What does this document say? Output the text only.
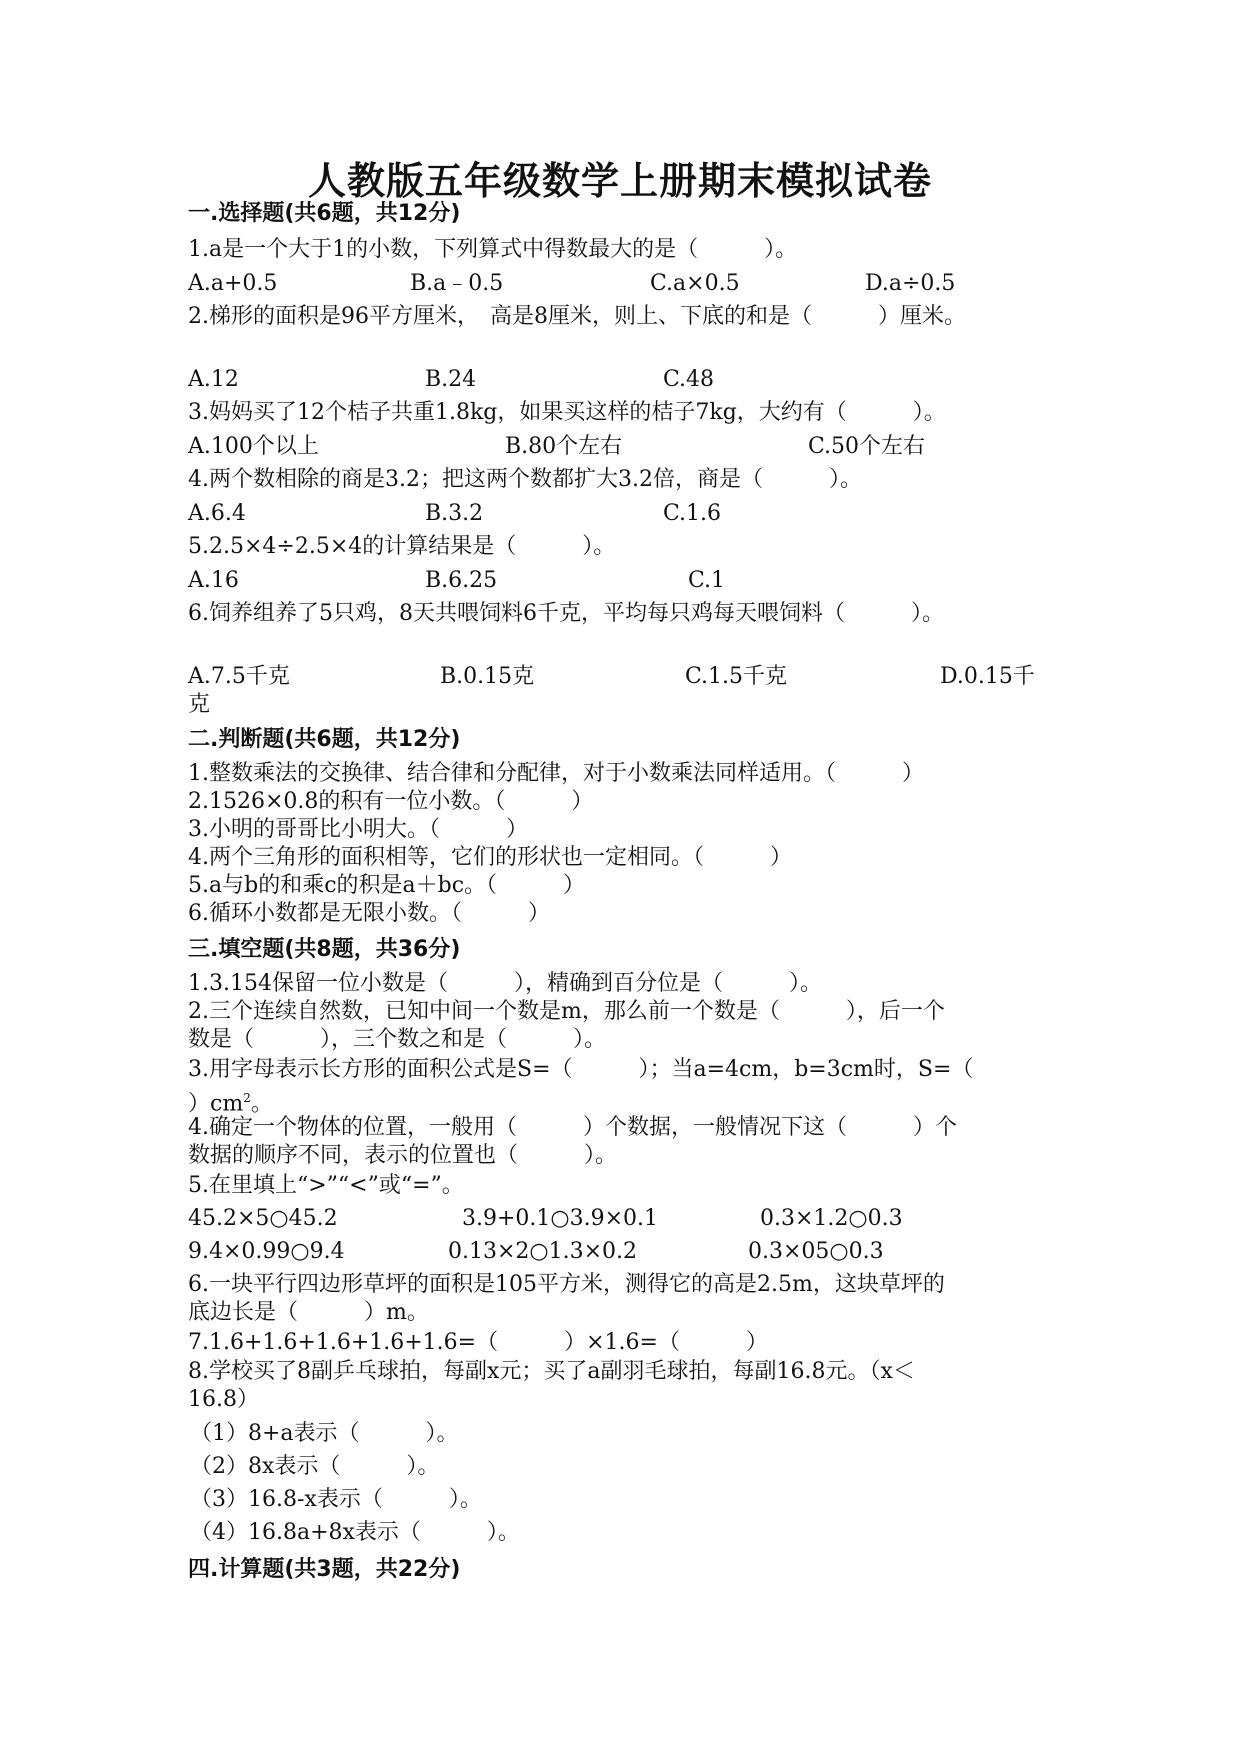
人教版五年级数学上册期末模拟试卷
一.选择题(共6题，共12分)
1.a是一个大于1的小数，下列算式中得数最大的是（　　　）。
A.a+0.5	B.a﹣0.5	C.a×0.5	D.a÷0.5
2.梯形的面积是96平方厘米，　高是8厘米，则上、下底的和是（　　　）厘米。
A.12	B.24	C.48
3.妈妈买了12个桔子共重1.8kg，如果买这样的桔子7kg，大约有（　　　）。
A.100个以上	B.80个左右	C.50个左右
4.两个数相除的商是3.2；把这两个数都扩大3.2倍，商是（　　　）。
A.6.4	B.3.2	C.1.6
5.2.5×4÷2.5×4的计算结果是（　　　）。
A.16	B.6.25	C.1
6.饲养组养了5只鸡，8天共喂饲料6千克，平均每只鸡每天喂饲料（　　　）。
A.7.5千克	B.0.15克	C.1.5千克	D.0.15千
克
二.判断题(共6题，共12分)
1.整数乘法的交换律、结合律和分配律，对于小数乘法同样适用。（　　　）
2.1526×0.8的积有一位小数。（　　　）
3.小明的哥哥比小明大。（　　　）
4.两个三角形的面积相等，它们的形状也一定相同。（　　　）
5.a与b的和乘c的积是a＋bc。（　　　）
6.循环小数都是无限小数。（　　　）
三.填空题(共8题，共36分)
1.3.154保留一位小数是（　　　），精确到百分位是（　　　）。
2.三个连续自然数，已知中间一个数是m，那么前一个数是（　　　），后一个
数是（　　　），三个数之和是（　　　）。
3.用字母表示长方形的面积公式是S=（　　　）；当a=4cm，b=3cm时，S=（
）$cm^2$。
4.确定一个物体的位置，一般用（　　　）个数据，一般情况下这（　　　）个
数据的顺序不同，表示的位置也（　　　）。
5.在里填上“>”“<”或“=”。
45.2×5○45.2	3.9+0.1○3.9×0.1	0.3×1.2○0.3
9.4×0.99○9.4	0.13×2○1.3×0.2	0.3×05○0.3
6.一块平行四边形草坪的面积是105平方米，测得它的高是2.5m，这块草坪的
底边长是（　　　）m。
7.1.6+1.6+1.6+1.6+1.6=（　　　）×1.6=（　　　）
8.学校买了8副乒乓球拍，每副x元；买了a副羽毛球拍，每副16.8元。（x＜
16.8）
（1）8+a表示（　　　）。
（2）8x表示（　　　）。
（3）16.8-x表示（　　　）。
（4）16.8a+8x表示（　　　）。
四.计算题(共3题，共22分)
